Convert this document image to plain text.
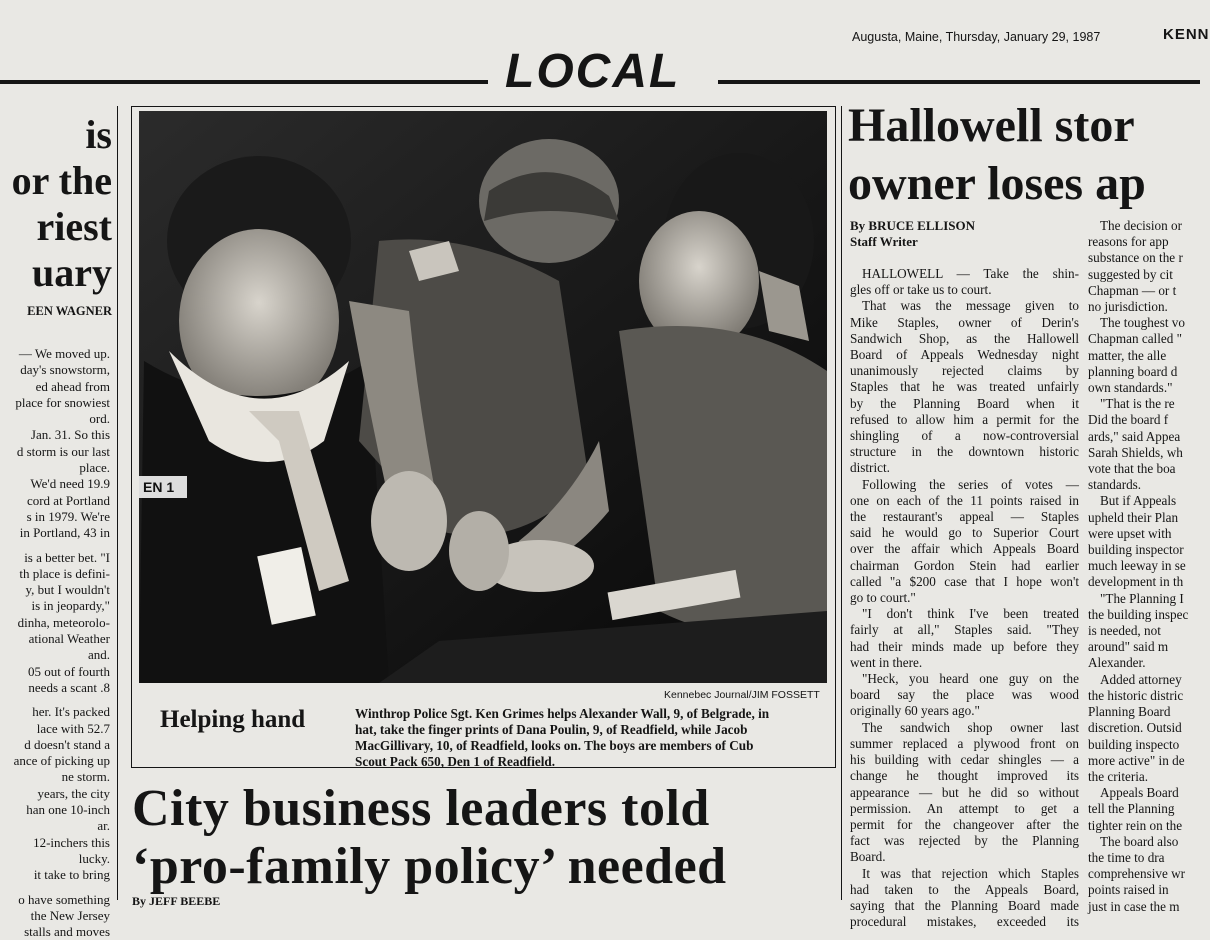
Augusta, Maine, Thursday, January 29, 1987	KENN
LOCAL
is
or the
riest
uary
EEN WAGNER
— We moved up.
day's snowstorm,
ed ahead from
place for snowiest
ord.
Jan. 31. So this
d storm is our last
place.
We'd need 19.9
cord at Portland
s in 1979. We're
in Portland, 43 in
is a better bet. "I
th place is defini-
y, but I wouldn't
is in jeopardy,"
dinha, meteorolo-
ational Weather
and.
05 out of fourth
needs a scant .8
her. It's packed
lace with 52.7
d doesn't stand a
ance of picking up
ne storm.
years, the city
han one 10-inch
ar.
12-inchers this
lucky.
it take to bring
o have something
the New Jersey
stalls and moves
EN 1
Kennebec Journal/JIM FOSSETT
Helping hand	Winthrop Police Sgt. Ken Grimes helps Alexander Wall, 9, of Belgrade, in
hat, take the finger prints of Dana Poulin, 9, of Readfield, while Jacob
MacGillivary, 10, of Readfield, looks on. The boys are members of Cub
Scout Pack 650, Den 1 of Readfield.
City business leaders told
‘pro-family policy’ needed
By JEFF BEEBE
Hallowell stor
owner loses ap
By BRUCE ELLISON
Staff Writer
HALLOWELL — Take the shin-
gles off or take us to court.
That was the message given to
Mike Staples, owner of Derin's
Sandwich Shop, as the Hallowell
Board of Appeals Wednesday night
unanimously rejected claims by
Staples that he was treated unfairly
by the Planning Board when it
refused to allow him a permit for the
shingling of a now-controversial
structure in the downtown historic
district.
Following the series of votes —
one on each of the 11 points raised in
the restaurant's appeal — Staples
said he would go to Superior Court
over the affair which Appeals Board
chairman Gordon Stein had earlier
called "a $200 case that I hope won't
go to court."
"I don't think I've been treated
fairly at all," Staples said. "They
had their minds made up before they
went in there.
"Heck, you heard one guy on the
board say the place was wood
originally 60 years ago."
The sandwich shop owner last
summer replaced a plywood front on
his building with cedar shingles — a
change he thought improved its
appearance — but he did so without
permission. An attempt to get a
permit for the changeover after the
fact was rejected by the Planning
Board.
It was that rejection which Staples
had taken to the Appeals Board,
saying that the Planning Board made
procedural mistakes, exceeded its
The decision or
reasons for app
substance on the r
suggested by cit
Chapman — or t
no jurisdiction.
The toughest vo
Chapman called "
matter, the alle
planning board d
own standards."
"That is the re
Did the board f
ards," said Appea
Sarah Shields, wh
vote that the boa
standards.
But if Appeals
upheld their Plan
were upset with
building inspector
much leeway in se
development in th
"The Planning I
the building inspec
is needed, not
around" said m
Alexander.
Added attorney
the historic distric
Planning Board
discretion. Outsid
building inspecto
more active" in de
the criteria.
Appeals Board
tell the Planning
tighter rein on the
The board also
the time to dra
comprehensive wr
points raised in
just in case the m
